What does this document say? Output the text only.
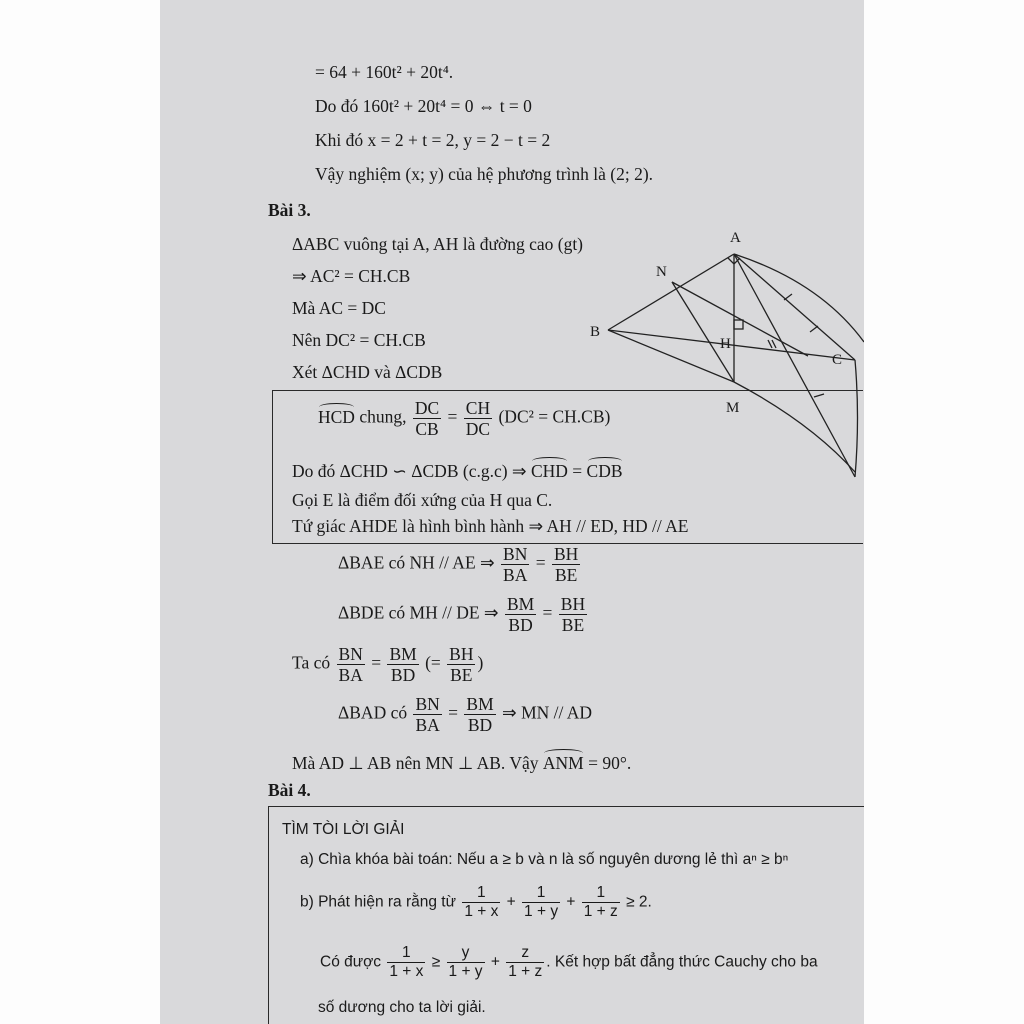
= 64 + 160t² + 20t⁴.
Do đó 160t² + 20t⁴ = 0 ⇔ t = 0
Khi đó x = 2 + t = 2, y = 2 − t = 2
Vậy nghiệm (x; y) của hệ phương trình là (2; 2).
Bài 3.
ΔABC vuông tại A, AH là đường cao (gt)
⇒ AC² = CH.CB
Mà AC = DC
Nên DC² = CH.CB
Xét ΔCHD và ΔCDB
HCD chung, $\frac{DC}{CB} = \frac{CH}{DC} (DC^2 = CH.CB)$
Do đó ΔCHD ∽ ΔCDB (c.g.c) ⇒ CHD = CDB
Gọi E là điểm đối xứng của H qua C.
Tứ giác AHDE là hình bình hành ⇒ AH // ED, HD // AE
ΔBAE có NH // AE ⇒ $\frac{BN}{BA} = \frac{BH}{BE}$
ΔBDE có MH // DE ⇒ $\frac{BM}{BD} = \frac{BH}{BE}$
Ta có $\frac{BN}{BA} = \frac{BM}{BD}$ (= $\frac{BH}{BE}$ )
ΔBAD có $\frac{BN}{BA} = \frac{BM}{BD}$ ⇒ MN // AD
Mà AD ⊥ AB nên MN ⊥ AB. Vậy ANM = 90°.
A
N
B
H
C
M
Bài 4.
TÌM TÒI LỜI GIẢI
a) Chìa khóa bài toán: Nếu a ≥ b và n là số nguyên dương lẻ thì aⁿ ≥ bⁿ
b) Phát hiện ra rằng từ $\frac{1}{1 + x} + \frac{1}{1 + y} + \frac{1}{1 + z} \ge 2$.
Có được $\frac{1}{1 + x} \ge \frac{y}{1 + y} + \frac{z}{1 + z}$ . Kết hợp bất đẳng thức Cauchy cho ba
số dương cho ta lời giải.
